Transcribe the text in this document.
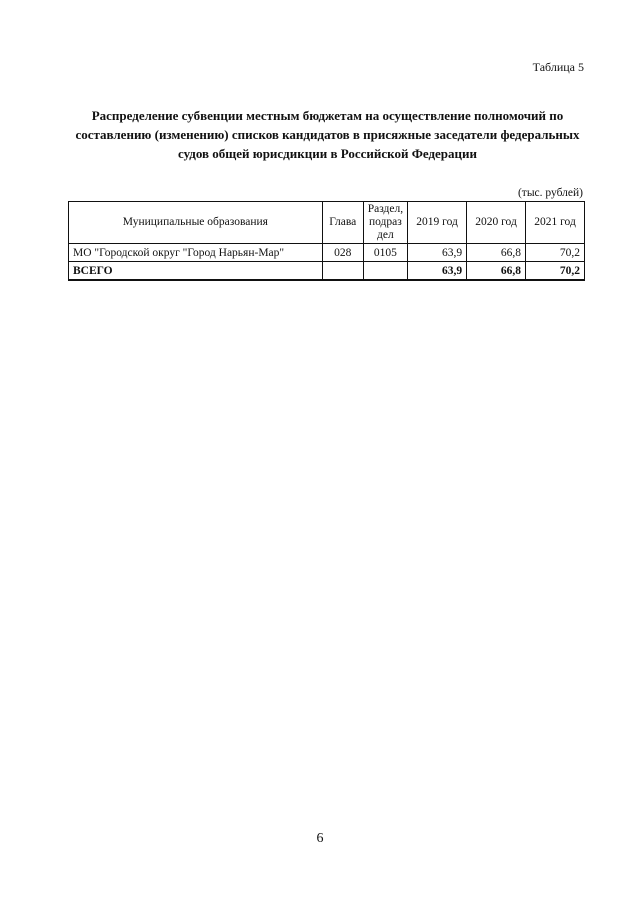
Таблица 5
Распределение субвенции местным бюджетам на осуществление полномочий по
составлению (изменению) списков кандидатов в присяжные заседатели федеральных
судов общей юрисдикции в Российской Федерации
(тыс. рублей)
Муниципальные образования	Глава	Раздел,
подраз
дел	2019 год	2020 год	2021 год
МО "Городской округ "Город Нарьян-Мар"	028	0105	63,9	66,8	70,2
ВСЕГО			63,9	66,8	70,2
6
